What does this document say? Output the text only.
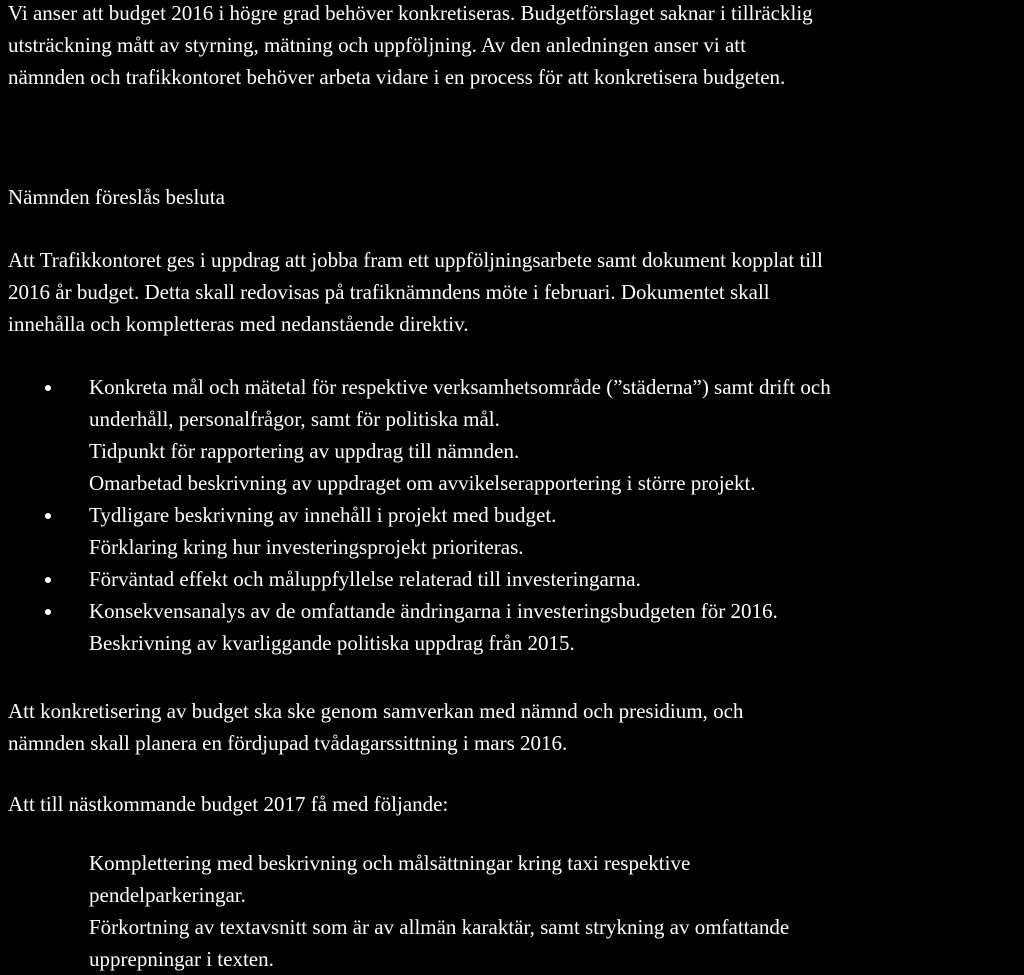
Vi anser att budget 2016 i högre grad behöver konkretiseras. Budgetförslaget saknar i tillräcklig
utsträckning mått av styrning, mätning och uppföljning. Av den anledningen anser vi att
nämnden och trafikkontoret behöver arbeta vidare i en process för att konkretisera budgeten.

Nämnden föreslås besluta

Att Trafikkontoret ges i uppdrag att jobba fram ett uppföljningsarbete samt dokument kopplat till
2016 år budget. Detta skall redovisas på trafiknämndens möte i februari. Dokumentet skall
innehålla och kompletteras med nedanstående direktiv.

Konkreta mål och mätetal för respektive verksamhetsområde (”städerna”) samt drift och
underhåll, personalfrågor, samt för politiska mål.
Tidpunkt för rapportering av uppdrag till nämnden.
Omarbetad beskrivning av uppdraget om avvikelserapportering i större projekt.
Tydligare beskrivning av innehåll i projekt med budget.
Förklaring kring hur investeringsprojekt prioriteras.
Förväntad effekt och måluppfyllelse relaterad till investeringarna.
Konsekvensanalys av de omfattande ändringarna i investeringsbudgeten för 2016.
Beskrivning av kvarliggande politiska uppdrag från 2015.

Att konkretisering av budget ska ske genom samverkan med nämnd och presidium, och
nämnden skall planera en fördjupad tvådagarssittning i mars 2016.

Att till nästkommande budget 2017 få med följande:

Komplettering med beskrivning och målsättningar kring taxi respektive
pendelparkeringar.
Förkortning av textavsnitt som är av allmän karaktär, samt strykning av omfattande
upprepningar i texten.
